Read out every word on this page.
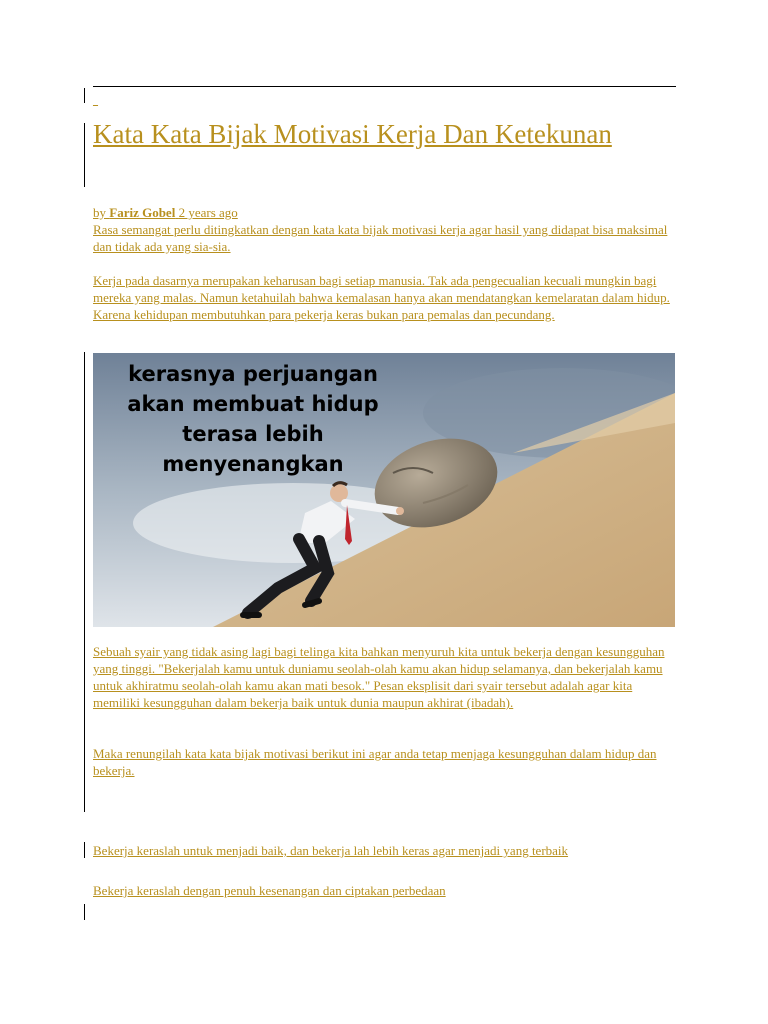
_
Kata Kata Bijak Motivasi Kerja Dan Ketekunan
by Fariz Gobel 2 years ago
Rasa semangat perlu ditingkatkan dengan kata kata bijak motivasi kerja agar hasil yang didapat bisa maksimal dan tidak ada yang sia-sia.

Kerja pada dasarnya merupakan keharusan bagi setiap manusia. Tak ada pengecualian kecuali mungkin bagi mereka yang malas. Namun ketahuilah bahwa kemalasan hanya akan mendatangkan kemelaratan dalam hidup. Karena kehidupan membutuhkan para pekerja keras bukan para pemalas dan pecundang.

kerasnya perjuangan
akan membuat hidup
terasa lebih menyenangkan

Sebuah syair yang tidak asing lagi bagi telinga kita bahkan menyuruh kita untuk bekerja dengan kesungguhan yang tinggi. "Bekerjalah kamu untuk duniamu seolah-olah kamu akan hidup selamanya, dan bekerjalah kamu untuk akhiratmu seolah-olah kamu akan mati besok." Pesan eksplisit dari syair tersebut adalah agar kita memiliki kesungguhan dalam bekerja baik untuk dunia maupun akhirat (ibadah).

Maka renungilah kata kata bijak motivasi berikut ini agar anda tetap menjaga kesungguhan dalam hidup dan bekerja.

Bekerja keraslah untuk menjadi baik, dan bekerja lah lebih keras agar menjadi yang terbaik

Bekerja keraslah dengan penuh kesenangan dan ciptakan perbedaan
